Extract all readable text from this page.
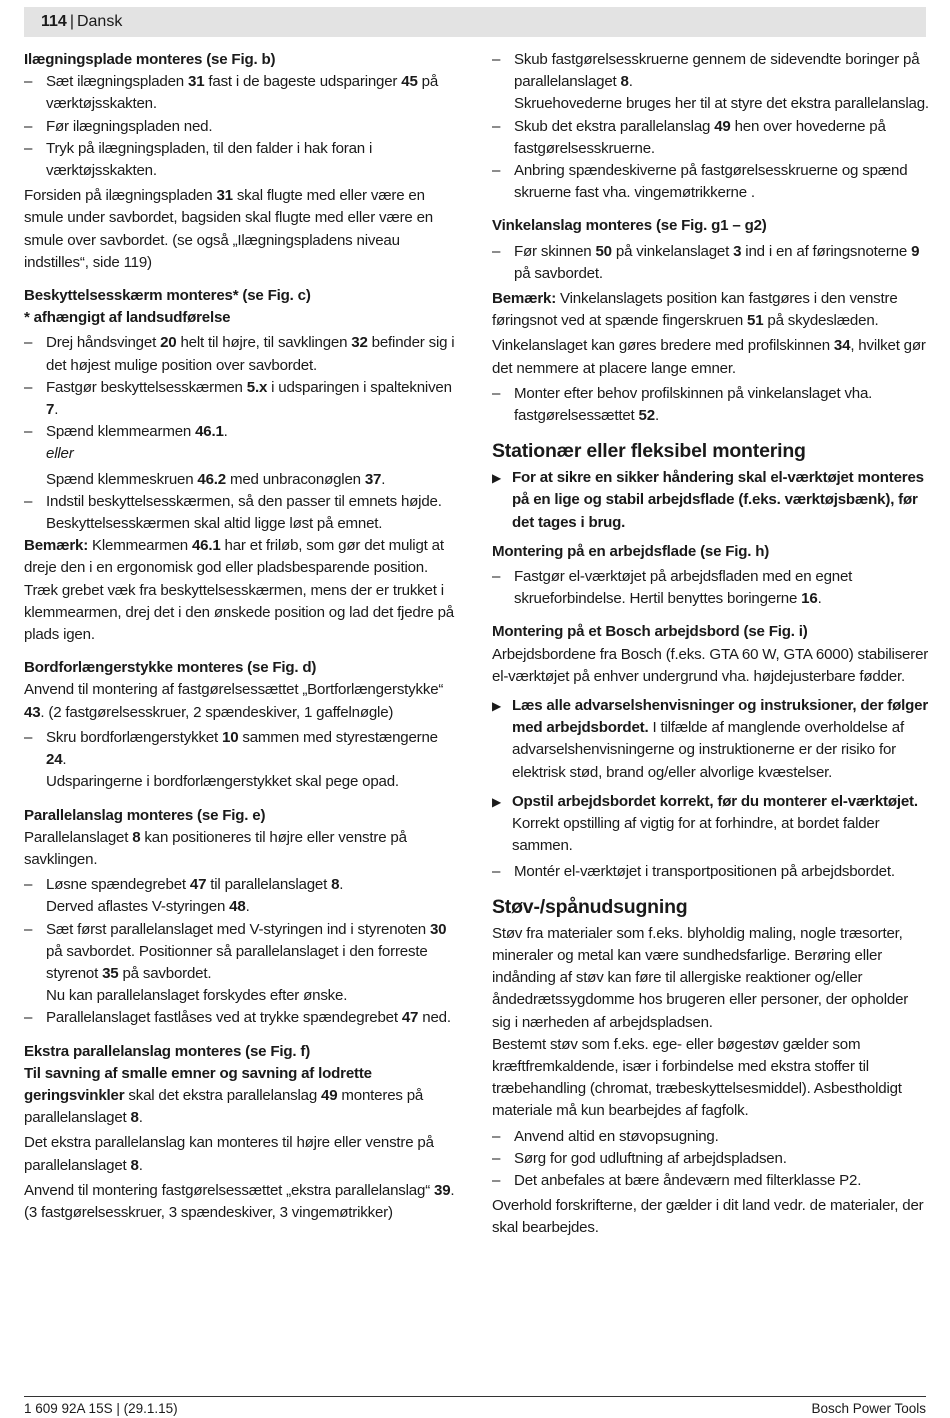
114 | Dansk
Ilægningsplade monteres (se Fig. b)
– Sæt ilægningspladen 31 fast i de bageste udsparinger 45 på værktøjsskakten.
– Før ilægningspladen ned.
– Tryk på ilægningspladen, til den falder i hak foran i værktøjsskakten.

Forsiden på ilægningspladen 31 skal flugte med eller være en smule under savbordet, bagsiden skal flugte med eller være en smule over savbordet. (se også „Ilægningspladens niveau indstilles“, side 119)

Beskyttelsesskærm monteres* (se Fig. c)
* afhængigt af landsudførelse
– Drej håndsvinget 20 helt til højre, til savklingen 32 befinder sig i det højest mulige position over savbordet.
– Fastgør beskyttelsesskærmen 5.x i udsparingen i spaltekniven 7.
– Spænd klemmearmen 46.1.
eller
Spænd klemmeskruen 46.2 med unbraconøglen 37.
– Indstil beskyttelsesskærmen, så den passer til emnets højde.
Beskyttelsesskærmen skal altid ligge løst på emnet.

Bemærk: Klemmearmen 46.1 har et friløb, som gør det muligt at dreje den i en ergonomisk god eller pladsbesparende position.

Træk grebet væk fra beskyttelsesskærmen, mens der er trukket i klemmearmen, drej det i den ønskede position og lad det fjedre på plads igen.

Bordforlængerstykke monteres (se Fig. d)

Anvend til montering af fastgørelsessættet „Bortforlængerstykke“ 43. (2 fastgørelsesskruer, 2 spændeskiver, 1 gaffelnøgle)

– Skru bordforlængerstykket 10 sammen med styrestængerne 24.
Udsparingerne i bordforlængerstykket skal pege opad.
Parallelanslag monteres (se Fig. e)

Parallelanslaget 8 kan positioneres til højre eller venstre på savklingen.

– Løsne spændegrebet 47 til parallelanslaget 8.
Derved aflastes V-styringen 48.
– Sæt først parallelanslaget med V-styringen ind i styrenoten 30 på savbordet. Positionner så parallelanslaget i den forreste styrenot 35 på savbordet.
Nu kan parallelanslaget forskydes efter ønske.
– Parallelanslaget fastlåses ved at trykke spændegrebet 47 ned.
Ekstra parallelanslag monteres (se Fig. f)

Til savning af smalle emner og savning af lodrette geringsvinkler skal det ekstra parallelanslag 49 monteres på parallelanslaget 8.

Det ekstra parallelanslag kan monteres til højre eller venstre på parallelanslaget 8.

Anvend til montering fastgørelsessættet „ekstra parallelanslag“ 39. (3 fastgørelsesskruer, 3 spændeskiver, 3 vingemøtrikker)

– Skub fastgørelsesskruerne gennem de sidevendte boringer på parallelanslaget 8.
Skruehovederne bruges her til at styre det ekstra parallelanslag.
– Skub det ekstra parallelanslag 49 hen over hovederne på fastgørelsesskruerne.
– Anbring spændeskiverne på fastgørelsesskruerne og spænd skruerne fast vha. vingemøtrikkerne .
Vinkelanslag monteres (se Fig. g1 – g2)
– Før skinnen 50 på vinkelanslaget 3 ind i en af føringsnoterne 9 på savbordet.

Bemærk: Vinkelanslagets position kan fastgøres i den venstre føringsnot ved at spænde fingerskruen 51 på skydeslæden.

Vinkelanslaget kan gøres bredere med profilskinnen 34, hvilket gør det nemmere at placere lange emner.

– Monter efter behov profilskinnen på vinkelanslaget vha. fastgørelsessættet 52.
Stationær eller fleksibel montering
▶ For at sikre en sikker håndering skal el-værktøjet monteres på en lige og stabil arbejdsflade (f.eks. værktøjsbænk), før det tages i brug.
Montering på en arbejdsflade (se Fig. h)
– Fastgør el-værktøjet på arbejdsfladen med en egnet skrueforbindelse. Hertil benyttes boringerne 16.
Montering på et Bosch arbejdsbord (se Fig. i)

Arbejdsbordene fra Bosch (f.eks. GTA 60 W, GTA 6000) stabiliserer el-værktøjet på enhver undergrund vha. højdejusterbare fødder.

▶ Læs alle advarselshenvisninger og instruksioner, der følger med arbejdsbordet. I tilfælde af manglende overholdelse af advarselshenvisningerne og instruktionerne er der risiko for elektrisk stød, brand og/eller alvorlige kvæstelser.
▶ Opstil arbejdsbordet korrekt, før du monterer el-værktøjet. Korrekt opstilling af vigtig for at forhindre, at bordet falder sammen.
– Montér el-værktøjet i transportpositionen på arbejdsbordet.
Støv-/spånudsugning

Støv fra materialer som f.eks. blyholdig maling, nogle træsorter, mineraler og metal kan være sundhedsfarlige. Berøring eller indånding af støv kan føre til allergiske reaktioner og/eller åndedrætssygdomme hos brugeren eller personer, der opholder sig i nærheden af arbejdspladsen.

Bestemt støv som f.eks. ege- eller bøgestøv gælder som kræftfremkaldende, især i forbindelse med ekstra stoffer til træbehandling (chromat, træbeskyttelsesmiddel). Asbestholdigt materiale må kun bearbejdes af fagfolk.

– Anvend altid en støvopsugning.
– Sørg for god udluftning af arbejdspladsen.
– Det anbefales at bære åndeværn med filterklasse P2.

Overhold forskrifterne, der gælder i dit land vedr. de materialer, der skal bearbejdes.

1 609 92A 15S | (29.1.15)	Bosch Power Tools
